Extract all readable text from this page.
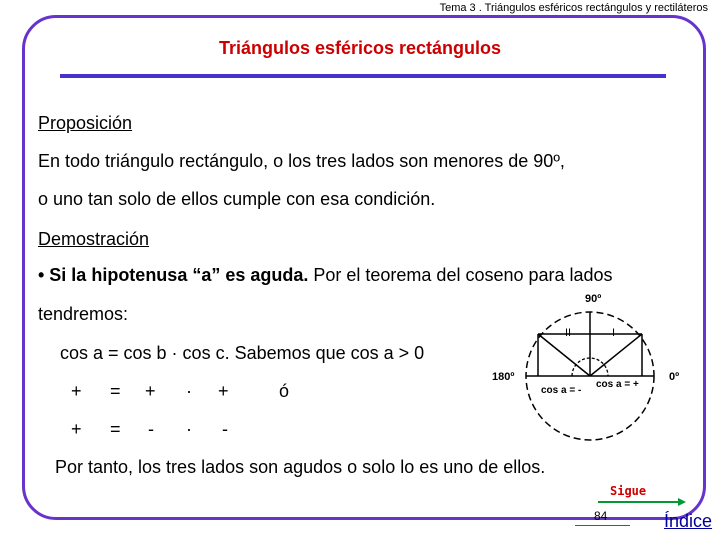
Tema 3 . Triángulos esféricos rectángulos y rectiláteros
Triángulos esféricos rectángulos
Proposición
En todo triángulo rectángulo, o los tres lados son menores de 90º,
o uno tan solo de ellos cumple con esa condición.
Demostración
• Si la hipotenusa “a” es aguda. Por el teorema del coseno para lados
tendremos:
cos a = cos b · cos c. Sabemos que cos a > 0
+ = + · +	ó
+ = - · -
Por tanto, los tres lados son agudos o solo lo es uno de ellos.
90º
180º	0º
II	I
cos a = -
cos a = +
Sigue
84	Índice
